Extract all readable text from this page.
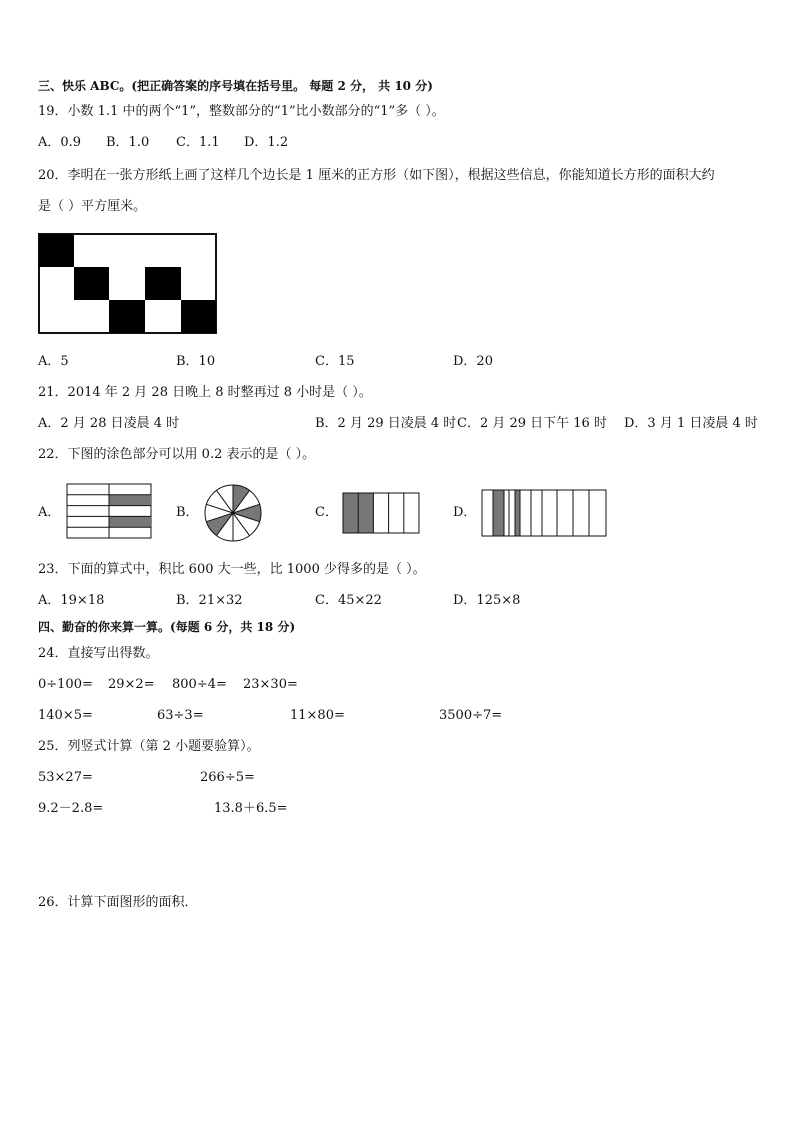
三、快乐 ABC。(把正确答案的序号填在括号里。 每题 2 分， 共 10 分)
19．小数 1.1 中的两个“1”，整数部分的“1”比小数部分的“1”多（ ）。
A．0.9 B．1.0 C．1.1 D．1.2
20．李明在一张方形纸上画了这样几个边长是 1 厘米的正方形（如下图），根据这些信息，你能知道长方形的面积大约
是（ ）平方厘米。
A．5	B．10	C．15	D．20
21．2014 年 2 月 28 日晚上 8 时整再过 8 小时是（ ）。
A．2 月 28 日凌晨 4 时	B．2 月 29 日凌晨 4 时 C．2 月 29 日下午 16 时 D．3 月 1 日凌晨 4 时
22．下图的涂色部分可以用 0.2 表示的是（ ）。
A．	B．	C．	D．
23．下面的算式中，积比 600 大一些，比 1000 少得多的是（ ）。
A．19×18	B．21×32	C．45×22	D．125×8
四、勤奋的你来算一算。(每题 6 分，共 18 分)
24．直接写出得数。
0÷100= 29×2= 800÷4= 23×30=
140×5=	63÷3=	11×80=	3500÷7=
25．列竖式计算（第 2 小题要验算）。
53×27=	266÷5=
9.2－2.8=	13.8＋6.5=
26．计算下面图形的面积．
